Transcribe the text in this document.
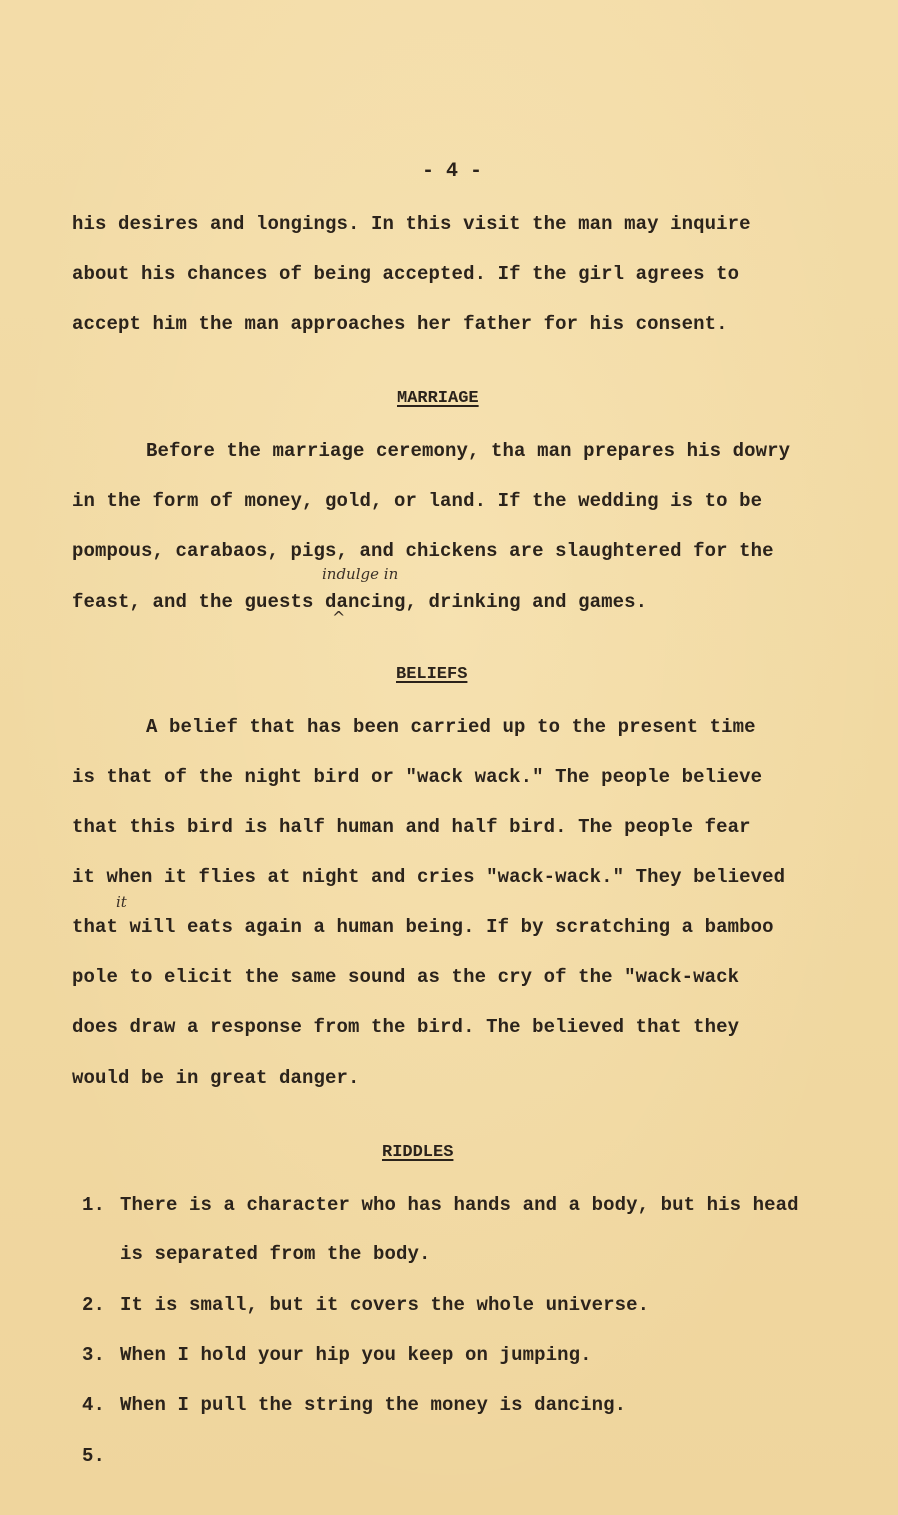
- 4 -
his desires and longings. In this visit the man may inquire
about his chances of being accepted. If the girl agrees to
accept him the man approaches her father for his consent.
MARRIAGE
Before the marriage ceremony, tha man prepares his dowry
in the form of money, gold, or land. If the wedding is to be
pompous, carabaos, pigs, and chickens are slaughtered for the
indulge in
feast, and the guests dancing, drinking and games.
^
BELIEFS
A belief that has been carried up to the present time
is that of the night bird or "wack wack." The people believe
that this bird is half human and half bird. The people fear
it when it flies at night and cries "wack-wack." They believed
it
that will eats again a human being. If by scratching a bamboo
pole to elicit the same sound as the cry of the "wack-wack
does draw a response from the bird. The believed that they
would be in great danger.
RIDDLES
1. There is a character who has hands and a body, but his head
is separated from the body.
2. It is small, but it covers the whole universe.
3. When I hold your hip you keep on jumping.
4. When I pull the string the money is dancing.
5.
